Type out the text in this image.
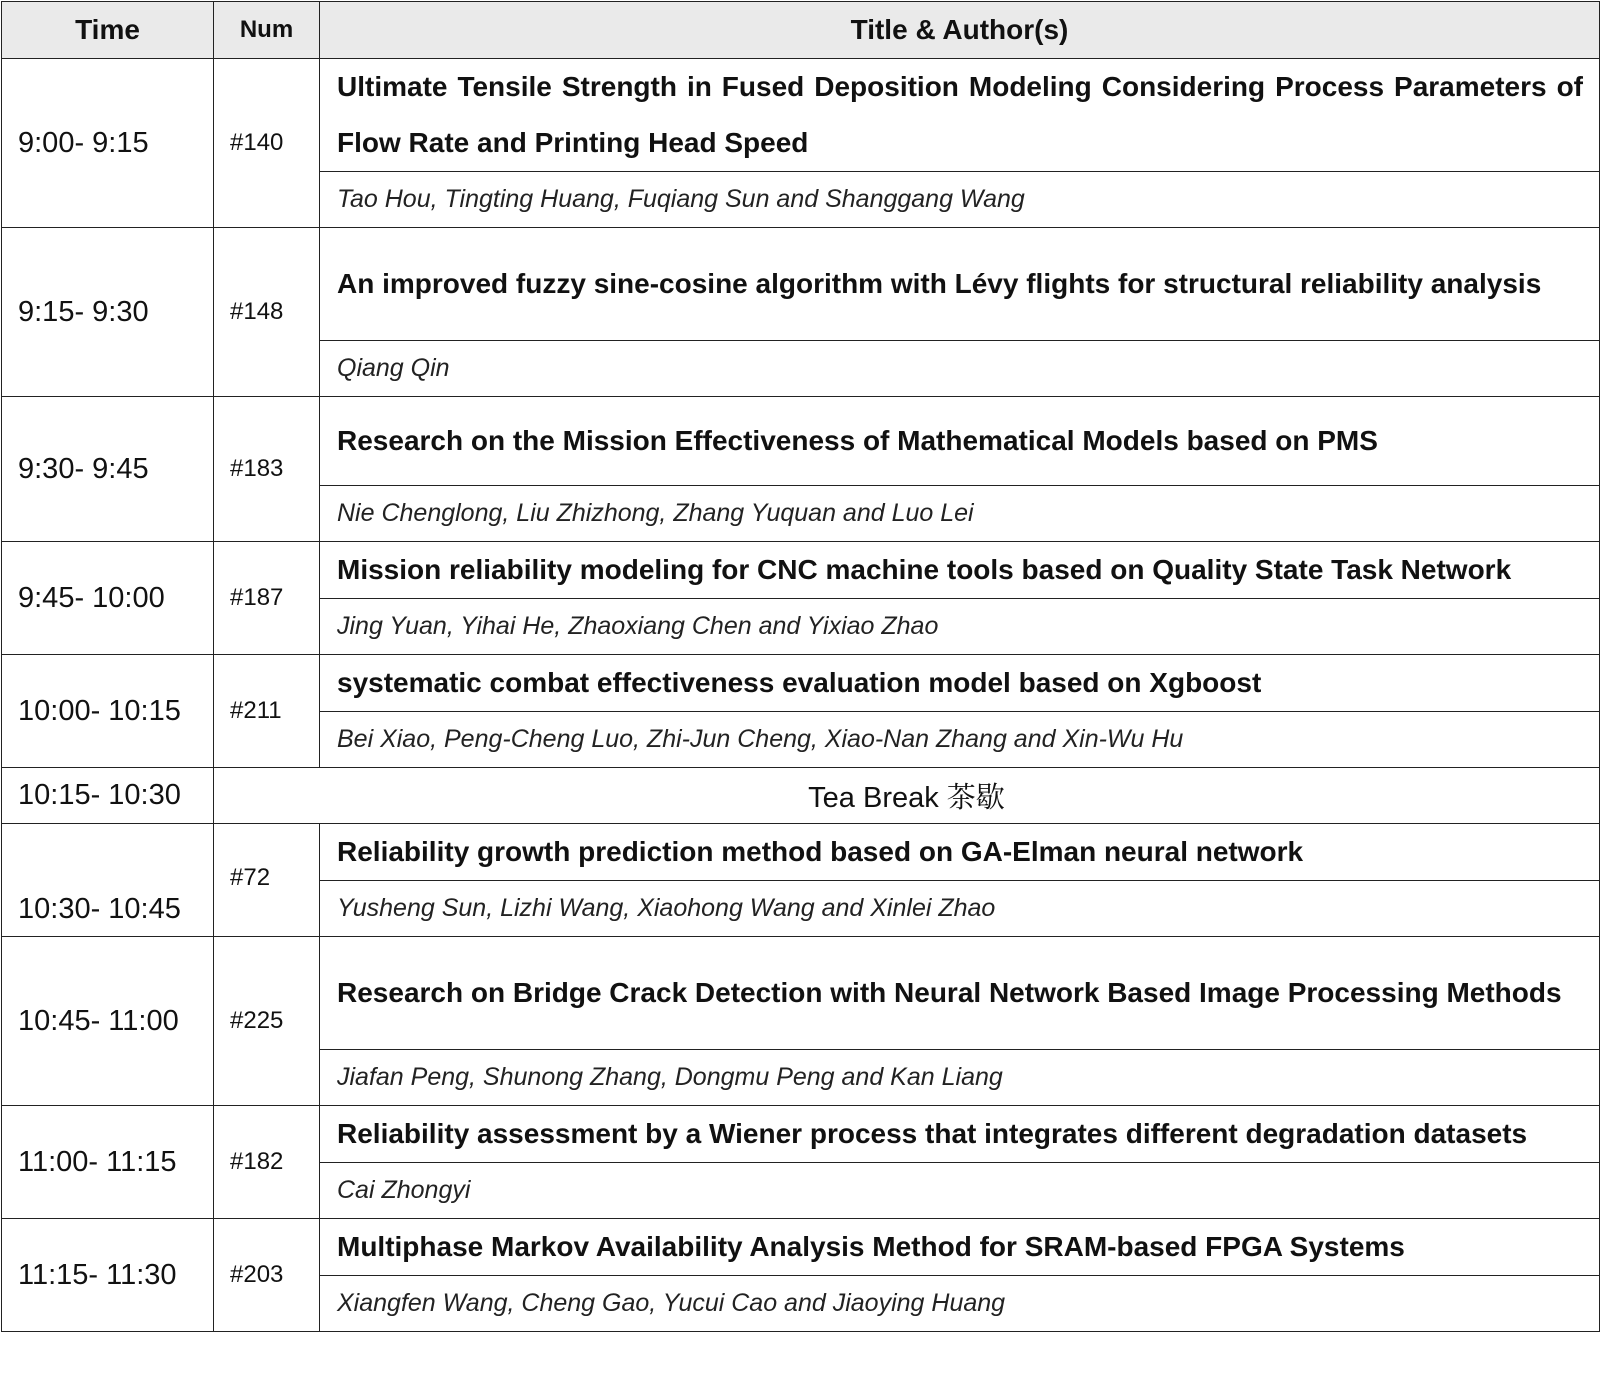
Time	Num	Title & Author(s)
9:00- 9:15	#140	Ultimate Tensile Strength in Fused Deposition Modeling Considering Process Parameters of Flow Rate and Printing Head Speed
		Tao Hou, Tingting Huang, Fuqiang Sun and Shanggang Wang
9:15- 9:30	#148	An improved fuzzy sine-cosine algorithm with Lévy flights for structural reliability analysis
		Qiang Qin
9:30- 9:45	#183	Research on the Mission Effectiveness of Mathematical Models based on PMS
		Nie Chenglong, Liu Zhizhong, Zhang Yuquan and Luo Lei
9:45- 10:00	#187	Mission reliability modeling for CNC machine tools based on Quality State Task Network
		Jing Yuan, Yihai He, Zhaoxiang Chen and Yixiao Zhao
10:00- 10:15	#211	systematic combat effectiveness evaluation model based on Xgboost
		Bei Xiao, Peng-Cheng Luo, Zhi-Jun Cheng, Xiao-Nan Zhang and Xin-Wu Hu
10:15- 10:30	Tea Break 茶歇	
10:30- 10:45	#72	Reliability growth prediction method based on GA-Elman neural network
		Yusheng Sun, Lizhi Wang, Xiaohong Wang and Xinlei Zhao
10:45- 11:00	#225	Research on Bridge Crack Detection with Neural Network Based Image Processing Methods
		Jiafan Peng, Shunong Zhang, Dongmu Peng and Kan Liang
11:00- 11:15	#182	Reliability assessment by a Wiener process that integrates different degradation datasets
		Cai Zhongyi
11:15- 11:30	#203	Multiphase Markov Availability Analysis Method for SRAM-based FPGA Systems
		Xiangfen Wang, Cheng Gao, Yucui Cao and Jiaoying Huang
